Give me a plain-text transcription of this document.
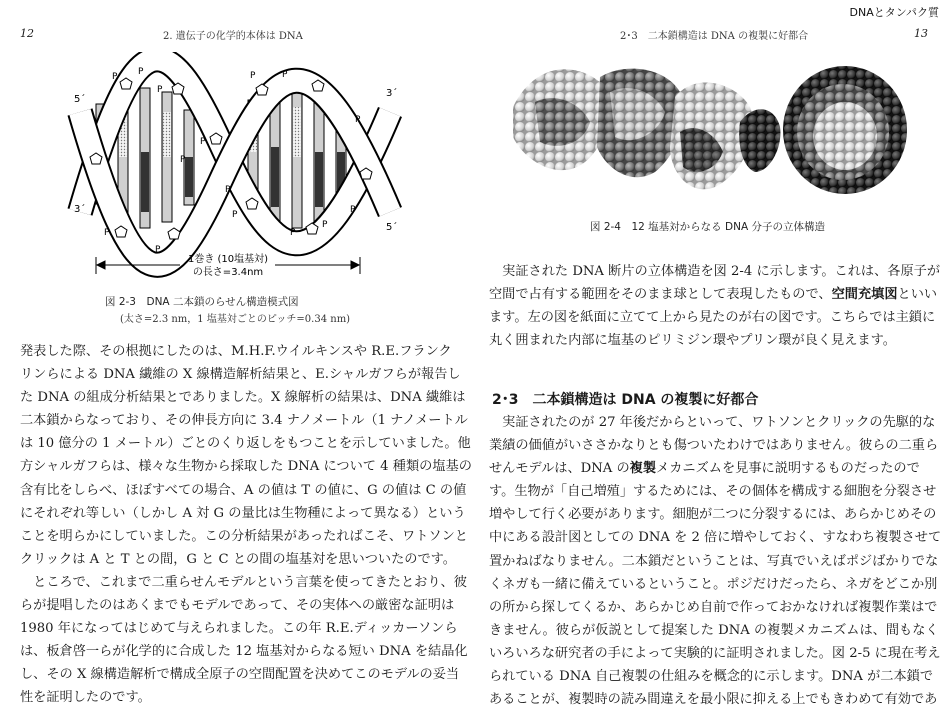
DNAとタンパク質
12	2. 遺伝子の化学的本体は DNA
P P
P
P
P
P
P
P
P
P	P
P
P
P
P
5´
3´
3´
5´
1巻き (10塩基対)
の長さ=3.4nm
図 2-3　DNA 二本鎖のらせん構造模式図
(太さ=2.3 nm，1 塩基対ごとのピッチ=0.34 nm)

発表した際、その根拠にしたのは、M.H.F.ウイルキンスや R.E.フランク

リンらによる DNA 繊維の X 線構造解析結果と、E.シャルガフらが報告し

た DNA の組成分析結果とでありました。X 線解析の結果は、DNA 繊維は

二本鎖からなっており、その伸長方向に 3.4 ナノメートル（1 ナノメートル

は 10 億分の 1 メートル）ごとのくり返しをもつことを示していました。他

方シャルガフらは、様々な生物から採取した DNA について 4 種類の塩基の

含有比をしらべ、ほぼすべての場合、A の値は T の値に、G の値は C の値

にそれぞれ等しい（しかし A 対 G の量比は生物種によって異なる）という

ことを明らかにしていました。この分析結果があったればこそ、ワトソンと

クリックは A と T との間，G と C との間の塩基対を思いついたのです。

　ところで、これまで二重らせんモデルという言葉を使ってきたとおり、彼

らが提唱したのはあくまでもモデルであって、その実体への厳密な証明は

1980 年になってはじめて与えられました。この年 R.E.ディッカーソンら

は、板倉啓一らが化学的に合成した 12 塩基対からなる短い DNA を結晶化

し、その X 線構造解析で構成全原子の空間配置を決めてこのモデルの妥当

性を証明したのです。

2･3　二本鎖構造は DNA の複製に好都合	13
図 2-4　12 塩基対からなる DNA 分子の立体構造

　実証された DNA 断片の立体構造を図 2-4 に示します。これは、各原子が

空間で占有する範囲をそのまま球として表現したもので、空間充填図といい

ます。左の図を紙面に立てて上から見たのが右の図です。こちらでは主鎖に

丸く囲まれた内部に塩基のピリミジン環やプリン環が良く見えます。

2･3　二本鎖構造は DNA の複製に好都合

　実証されたのが 27 年後だからといって、ワトソンとクリックの先駆的な

業績の価値がいささかなりとも傷ついたわけではありません。彼らの二重ら

せんモデルは、DNA の複製メカニズムを見事に説明するものだったので

す。生物が「自己増殖」するためには、その個体を構成する細胞を分裂させ

増やして行く必要があります。細胞が二つに分裂するには、あらかじめその

中にある設計図としての DNA を 2 倍に増やしておく、すなわち複製させて

置かねばなりません。二本鎖だということは、写真でいえばポジばかりでな

くネガも一緒に備えているということ。ポジだけだったら、ネガをどこか別

の所から探してくるか、あらかじめ自前で作っておかなければ複製作業はで

きません。彼らが仮説として提案した DNA の複製メカニズムは、間もなく

いろいろな研究者の手によって実験的に証明されました。図 2-5 に現在考え

られている DNA 自己複製の仕組みを概念的に示します。DNA が二本鎖で

あることが、複製時の読み間違えを最小限に抑える上でもきわめて有効であ
